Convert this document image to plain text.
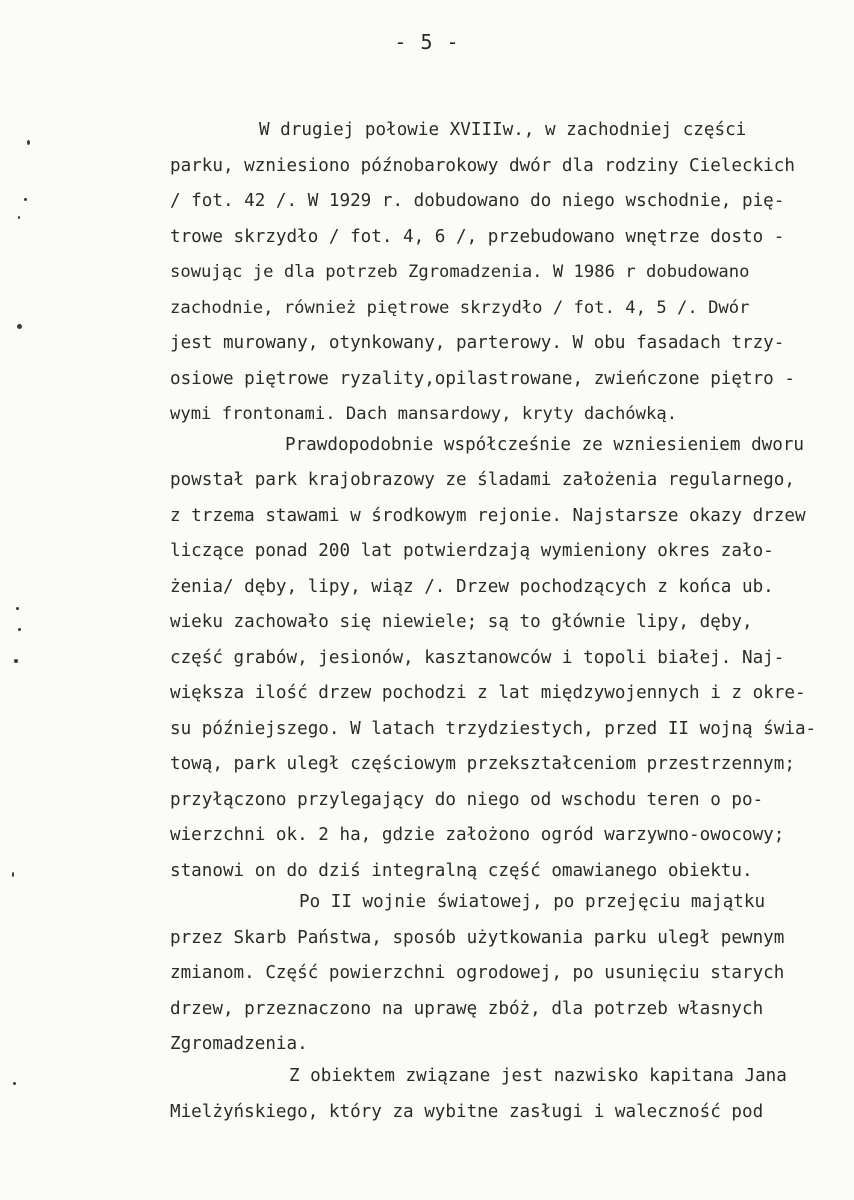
- 5 -
W drugiej połowie XVIIIw., w zachodniej części
parku, wzniesiono późnobarokowy dwór dla rodziny Cieleckich
/ fot. 42 /. W 1929 r. dobudowano do niego wschodnie, pię-
trowe skrzydło / fot. 4, 6 /, przebudowano wnętrze dosto -
sowując je dla potrzeb Zgromadzenia. W 1986 r dobudowano
zachodnie, również piętrowe skrzydło / fot. 4, 5 /. Dwór
jest murowany, otynkowany, parterowy. W obu fasadach trzy-
osiowe piętrowe ryzality,opilastrowane, zwieńczone piętro -
wymi frontonami. Dach mansardowy, kryty dachówką.
Prawdopodobnie współcześnie ze wzniesieniem dworu
powstał park krajobrazowy ze śladami założenia regularnego,
z trzema stawami w środkowym rejonie. Najstarsze okazy drzew
liczące ponad 200 lat potwierdzają wymieniony okres zało-
żenia/ dęby, lipy, wiąz /. Drzew pochodzących z końca ub.
wieku zachowało się niewiele; są to głównie lipy, dęby,
część grabów, jesionów, kasztanowców i topoli białej. Naj-
większa ilość drzew pochodzi z lat międzywojennych i z okre-
su późniejszego. W latach trzydziestych, przed II wojną świa-
tową, park uległ częściowym przekształceniom przestrzennym;
przyłączono przylegający do niego od wschodu teren o po-
wierzchni ok. 2 ha, gdzie założono ogród warzywno-owocowy;
stanowi on do dziś integralną część omawianego obiektu.
Po II wojnie światowej, po przejęciu majątku
przez Skarb Państwa, sposób użytkowania parku uległ pewnym
zmianom. Część powierzchni ogrodowej, po usunięciu starych
drzew, przeznaczono na uprawę zbóż, dla potrzeb własnych
Zgromadzenia.
Z obiektem związane jest nazwisko kapitana Jana
Mielżyńskiego, który za wybitne zasługi i waleczność pod
